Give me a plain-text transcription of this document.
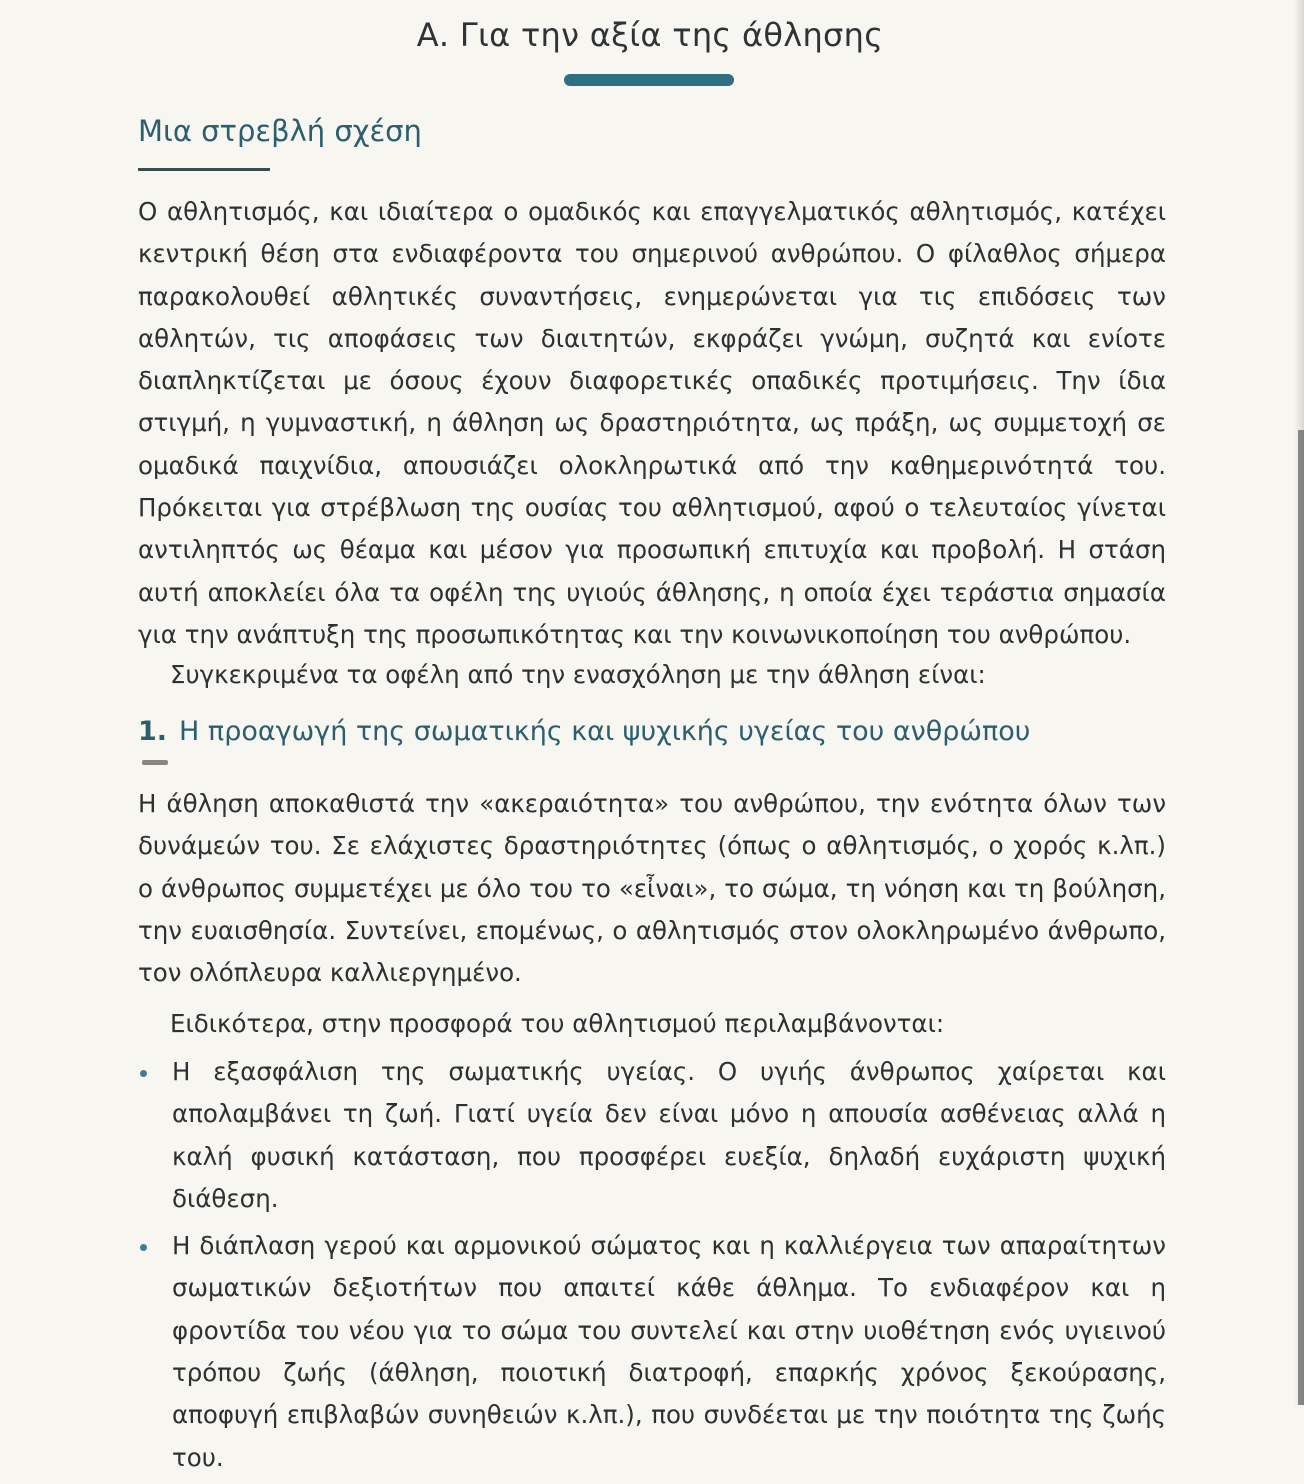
Α. Για την αξία της άθλησης
Μια στρεβλή σχέση

Ο αθλητισμός, και ιδιαίτερα ο ομαδικός και επαγγελματικός αθλητισμός, κατέχει κεντρική θέση στα ενδιαφέροντα του σημερινού ανθρώπου. Ο φίλαθλος σήμερα παρακολουθεί αθλητικές συναντήσεις, ενημερώνεται για τις επιδόσεις των αθλητών, τις αποφάσεις των διαιτητών, εκφράζει γνώμη, συζητά και ενίοτε διαπληκτίζεται με όσους έχουν διαφορετικές οπαδικές προτιμήσεις. Την ίδια στιγμή, η γυμναστική, η άθληση ως δραστηριότητα, ως πράξη, ως συμμετοχή σε ομαδικά παιχνίδια, απουσιάζει ολοκληρωτικά από την καθημερινότητά του. Πρόκειται για στρέβλωση της ουσίας του αθλητισμού, αφού ο τελευταίος γίνεται αντιληπτός ως θέαμα και μέσον για προσωπική επιτυχία και προβολή. Η στάση αυτή αποκλείει όλα τα οφέλη της υγιούς άθλησης, η οποία έχει τεράστια σημασία για την ανάπτυξη της προσωπικότητας και την κοινωνικοποίηση του ανθρώπου.

Συγκεκριμένα τα οφέλη από την ενασχόληση με την άθληση είναι:

1. Η προαγωγή της σωματικής και ψυχικής υγείας του ανθρώπου

Η άθληση αποκαθιστά την «ακεραιότητα» του ανθρώπου, την ενότητα όλων των δυνάμεών του. Σε ελάχιστες δραστηριότητες (όπως ο αθλητισμός, ο χορός κ.λπ.) ο άνθρωπος συμμετέχει με όλο του το «εἶναι», το σώμα, τη νόηση και τη βούληση, την ευαισθησία. Συντείνει, επομένως, ο αθλητισμός στον ολοκληρωμένο άνθρωπο, τον ολόπλευρα καλλιεργημένο.

Ειδικότερα, στην προσφορά του αθλητισμού περιλαμβάνονται:

Η εξασφάλιση της σωματικής υγείας. Ο υγιής άνθρωπος χαίρεται και απολαμβάνει τη ζωή. Γιατί υγεία δεν είναι μόνο η απουσία ασθένειας αλλά η καλή φυσική κατάσταση, που προσφέρει ευεξία, δηλαδή ευχάριστη ψυχική διάθεση.
Η διάπλαση γερού και αρμονικού σώματος και η καλλιέργεια των απαραίτητων σωματικών δεξιοτήτων που απαιτεί κάθε άθλημα. Το ενδιαφέρον και η φροντίδα του νέου για το σώμα του συντελεί και στην υιοθέτηση ενός υγιεινού τρόπου ζωής (άθληση, ποιοτική διατροφή, επαρκής χρόνος ξεκούρασης, αποφυγή επιβλαβών συνηθειών κ.λπ.), που συνδέεται με την ποιότητα της ζωής του.
